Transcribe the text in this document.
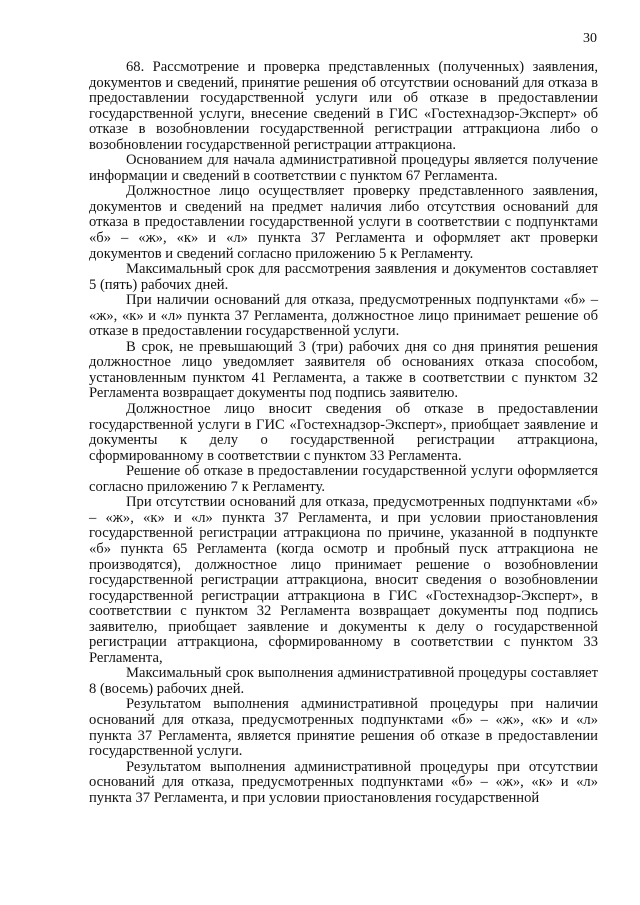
30

68. Рассмотрение и проверка представленных (полученных) заявления, документов и сведений, принятие решения об отсутствии оснований для отказа в предоставлении государственной услуги или об отказе в предоставлении государственной услуги, внесение сведений в ГИС «Гостехнадзор-Эксперт» об отказе в возобновлении государственной регистрации аттракциона либо о возобновлении государственной регистрации аттракциона.

Основанием для начала административной процедуры является получение информации и сведений в соответствии с пунктом 67 Регламента.

Должностное лицо осуществляет проверку представленного заявления, документов и сведений на предмет наличия либо отсутствия оснований для отказа в предоставлении государственной услуги в соответствии с подпунктами «б» – «ж», «к» и «л» пункта 37 Регламента и оформляет акт проверки документов и сведений согласно приложению 5 к Регламенту.

Максимальный срок для рассмотрения заявления и документов составляет 5 (пять) рабочих дней.

При наличии оснований для отказа, предусмотренных подпунктами «б» – «ж», «к» и «л» пункта 37 Регламента, должностное лицо принимает решение об отказе в предоставлении государственной услуги.

В срок, не превышающий 3 (три) рабочих дня со дня принятия решения должностное лицо уведомляет заявителя об основаниях отказа способом, установленным пунктом 41 Регламента, а также в соответствии с пунктом 32 Регламента возвращает документы под подпись заявителю.

Должностное лицо вносит сведения об отказе в предоставлении государственной услуги в ГИС «Гостехнадзор-Эксперт», приобщает заявление и документы к делу о государственной регистрации аттракциона, сформированному в соответствии с пунктом 33 Регламента.

Решение об отказе в предоставлении государственной услуги оформляется согласно приложению 7 к Регламенту.

При отсутствии оснований для отказа, предусмотренных подпунктами «б» – «ж», «к» и «л» пункта 37 Регламента, и при условии приостановления государственной регистрации аттракциона по причине, указанной в подпункте «б» пункта 65 Регламента (когда осмотр и пробный пуск аттракциона не производятся), должностное лицо принимает решение о возобновлении государственной регистрации аттракциона, вносит сведения о возобновлении государственной регистрации аттракциона в ГИС «Гостехнадзор-Эксперт», в соответствии с пунктом 32 Регламента возвращает документы под подпись заявителю, приобщает заявление и документы к делу о государственной регистрации аттракциона, сформированному в соответствии с пунктом 33 Регламента,

Максимальный срок выполнения административной процедуры составляет 8 (восемь) рабочих дней.

Результатом выполнения административной процедуры при наличии оснований для отказа, предусмотренных подпунктами «б» – «ж», «к» и «л» пункта 37 Регламента, является принятие решения об отказе в предоставлении государственной услуги.

Результатом выполнения административной процедуры при отсутствии оснований для отказа, предусмотренных подпунктами «б» – «ж», «к» и «л» пункта 37 Регламента, и при условии приостановления государственной
